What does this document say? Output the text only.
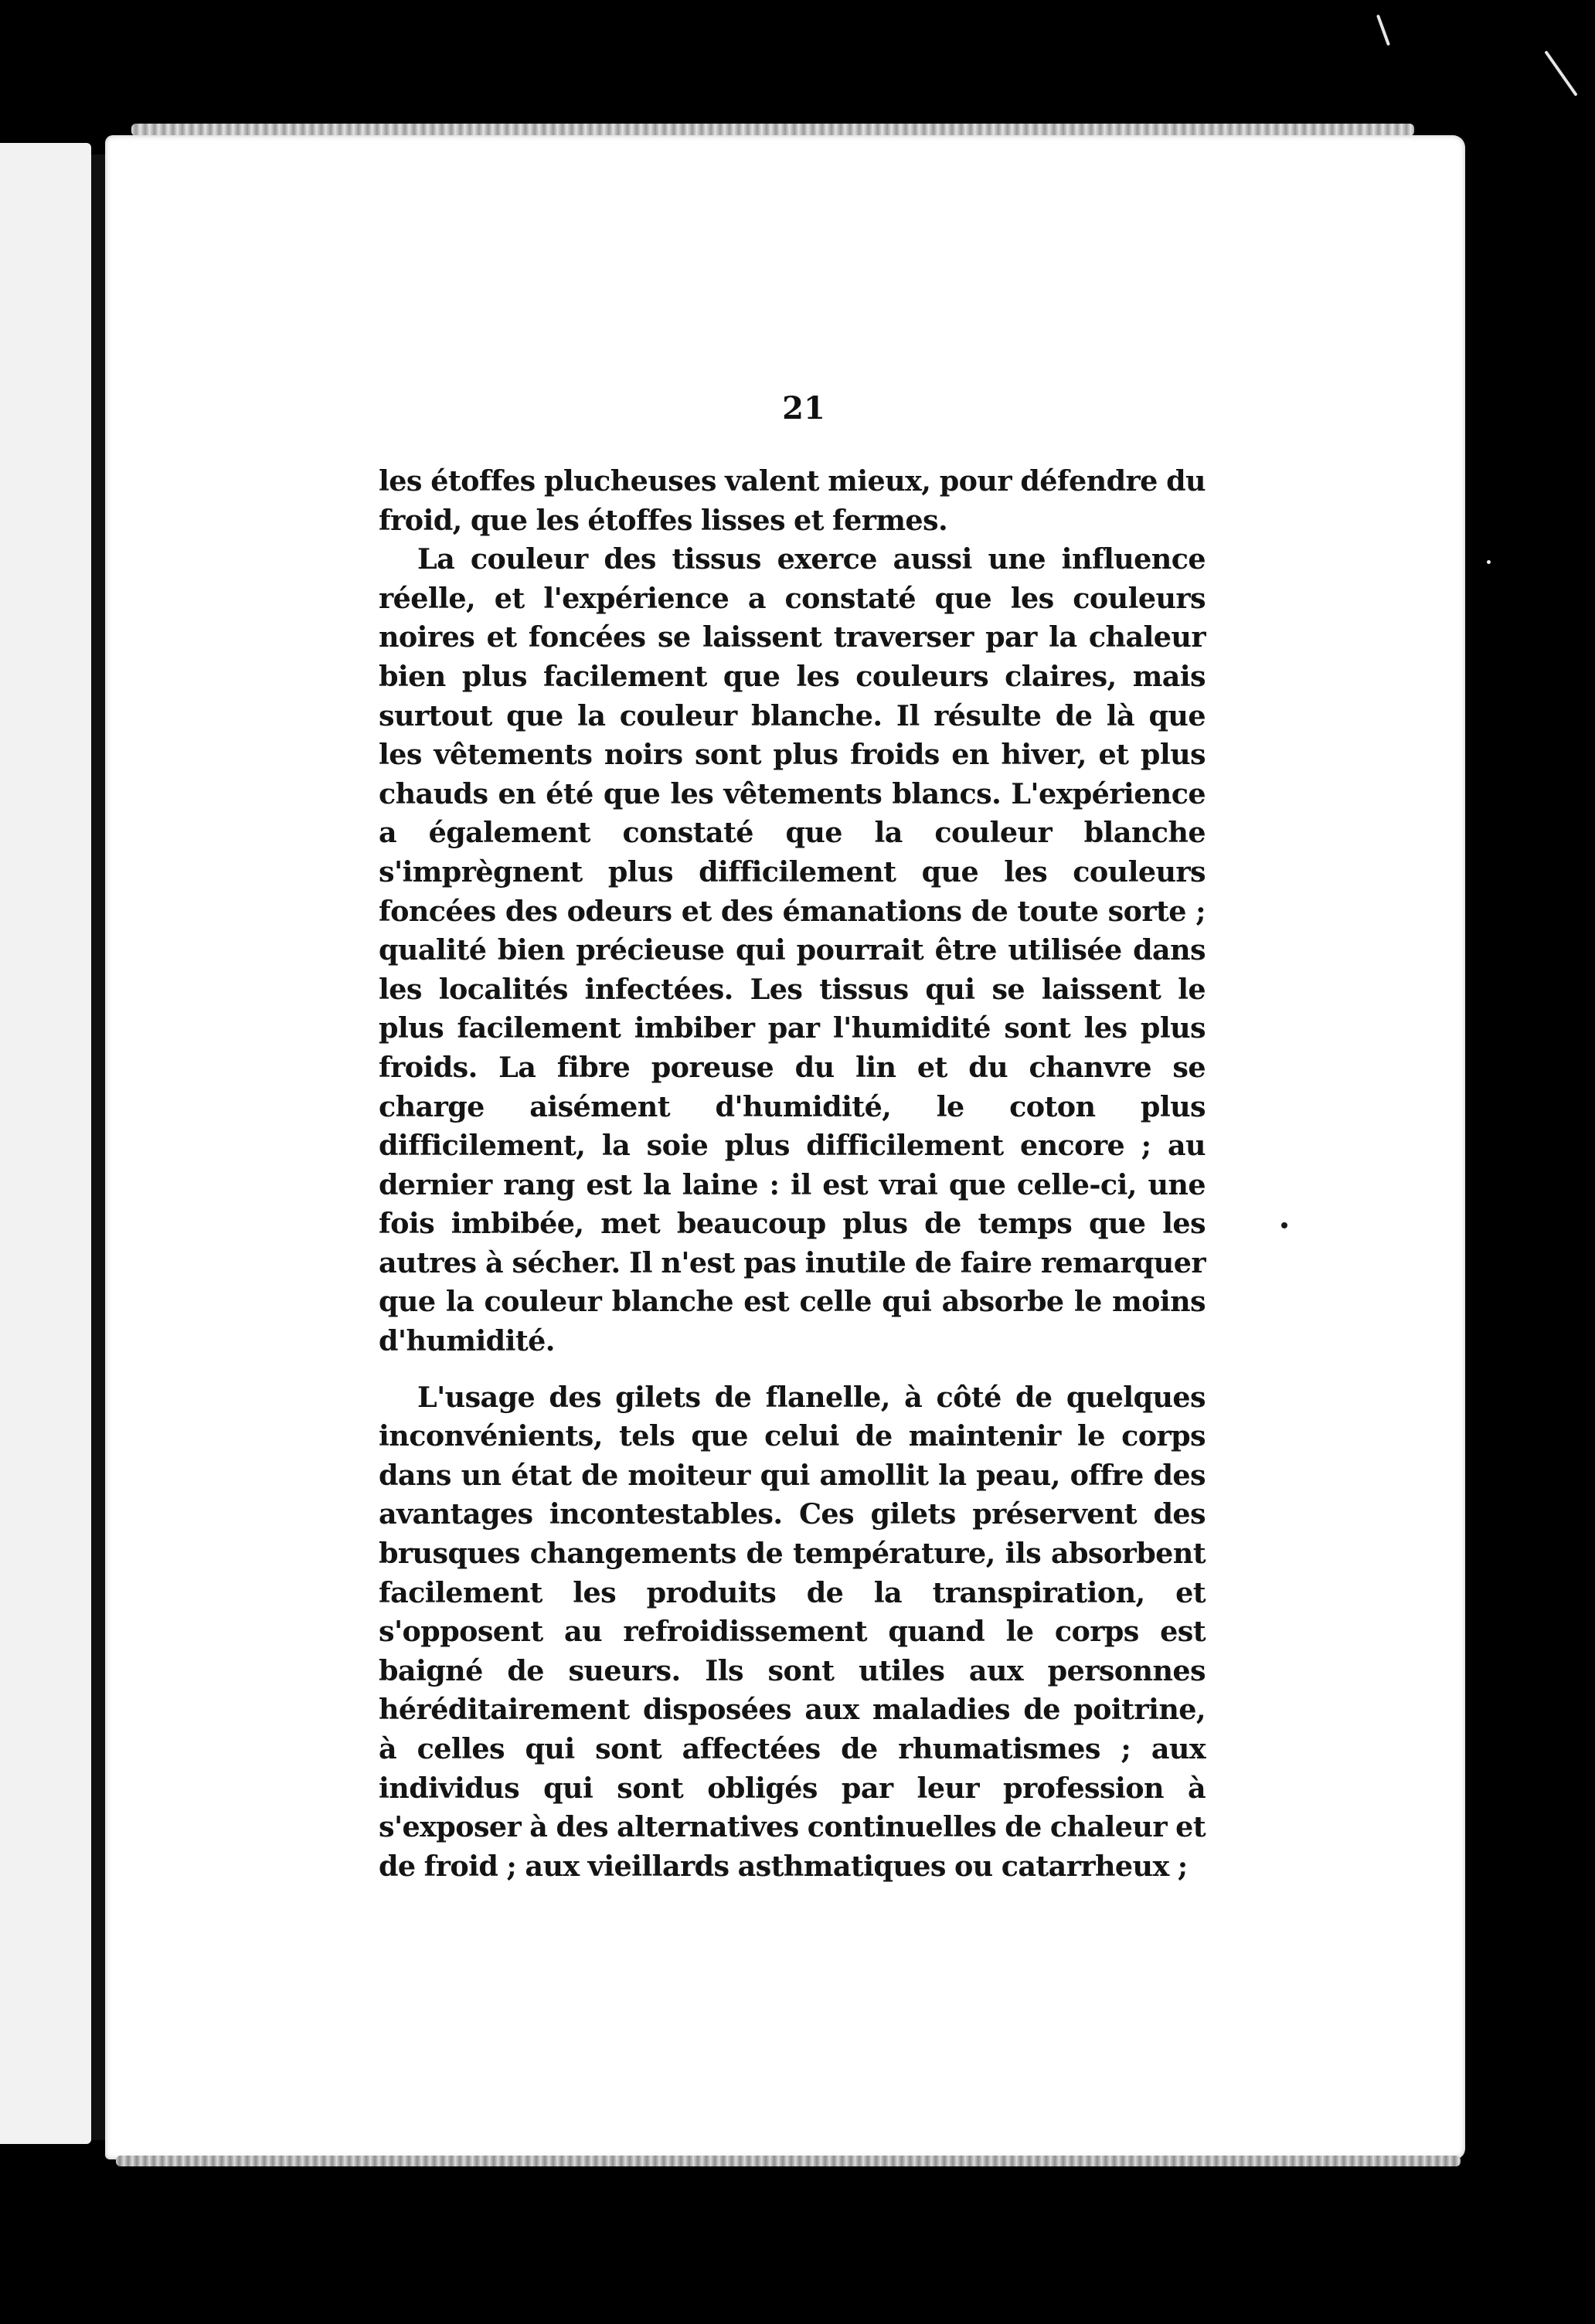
21

les étoffes plucheuses valent mieux, pour défendre du froid, que les étoffes lisses et fermes.

La couleur des tissus exerce aussi une influence réelle, et l'expérience a constaté que les couleurs noires et foncées se laissent traverser par la chaleur bien plus facilement que les couleurs claires, mais surtout que la couleur blanche. Il résulte de là que les vêtements noirs sont plus froids en hiver, et plus chauds en été que les vêtements blancs. L'expérience a également constaté que la couleur blanche s'imprègnent plus difficilement que les couleurs foncées des odeurs et des émanations de toute sorte ; qualité bien précieuse qui pourrait être utilisée dans les localités infectées. Les tissus qui se laissent le plus facilement imbiber par l'humidité sont les plus froids. La fibre poreuse du lin et du chanvre se charge aisément d'humidité, le coton plus difficilement, la soie plus difficilement encore ; au dernier rang est la laine : il est vrai que celle-ci, une fois imbibée, met beaucoup plus de temps que les autres à sécher. Il n'est pas inutile de faire remarquer que la couleur blanche est celle qui absorbe le moins d'humidité.

L'usage des gilets de flanelle, à côté de quelques inconvénients, tels que celui de maintenir le corps dans un état de moiteur qui amollit la peau, offre des avantages incontestables. Ces gilets préservent des brusques changements de température, ils absorbent facilement les produits de la transpiration, et s'opposent au refroidissement quand le corps est baigné de sueurs. Ils sont utiles aux personnes héréditairement disposées aux maladies de poitrine, à celles qui sont affectées de rhumatismes ; aux individus qui sont obligés par leur profession à s'exposer à des alternatives continuelles de chaleur et de froid ; aux vieillards asthmatiques ou catarrheux ;
